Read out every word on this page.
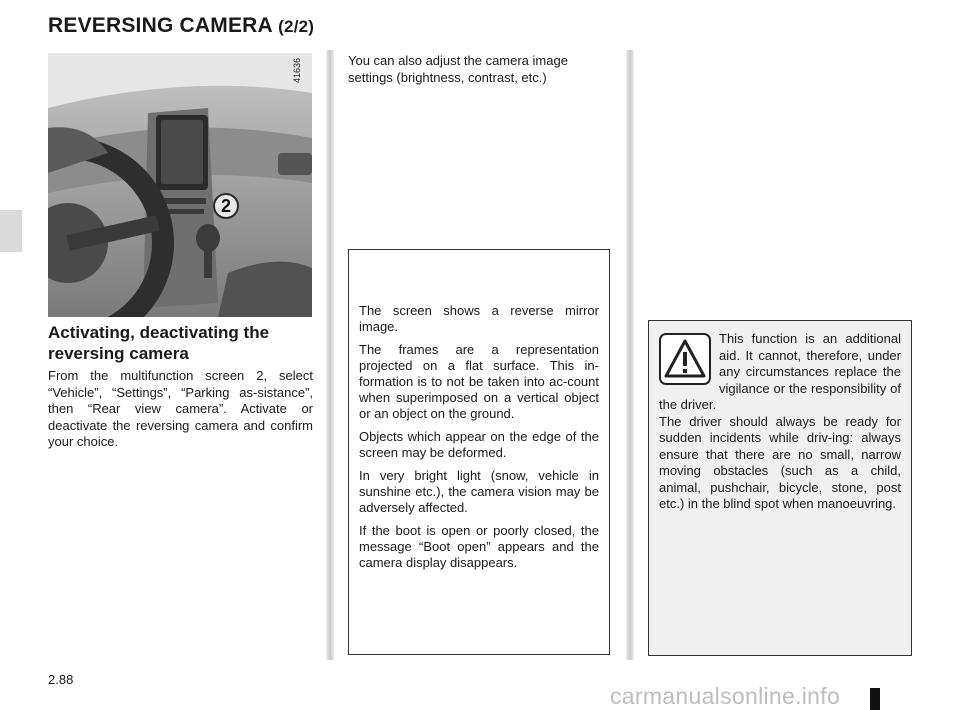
REVERSING CAMERA (2/2)
2
41636
Activating, deactivating the reversing camera

From the multifunction screen 2, select “Vehicle”, “Settings”, “Parking as-sistance”, then “Rear view camera”. Activate or deactivate the reversing camera and confirm your choice.

You can also adjust the camera image settings (brightness, contrast, etc.)

The screen shows a reverse mirror image.

The frames are a representation projected on a flat surface. This in-formation is to not be taken into ac-count when superimposed on a vertical object or an object on the ground.

Objects which appear on the edge of the screen may be deformed.

In very bright light (snow, vehicle in sunshine etc.), the camera vision may be adversely affected.

If the boot is open or poorly closed, the message “Boot open” appears and the camera display disappears.

This function is an additional aid. It cannot, therefore, under any circumstances replace the vigilance or the responsibility of the driver.

The driver should always be ready for sudden incidents while driv-ing: always ensure that there are no small, narrow moving obstacles (such as a child, animal, pushchair, bicycle, stone, post etc.) in the blind spot when manoeuvring.

2.88
carmanualsonline.info
